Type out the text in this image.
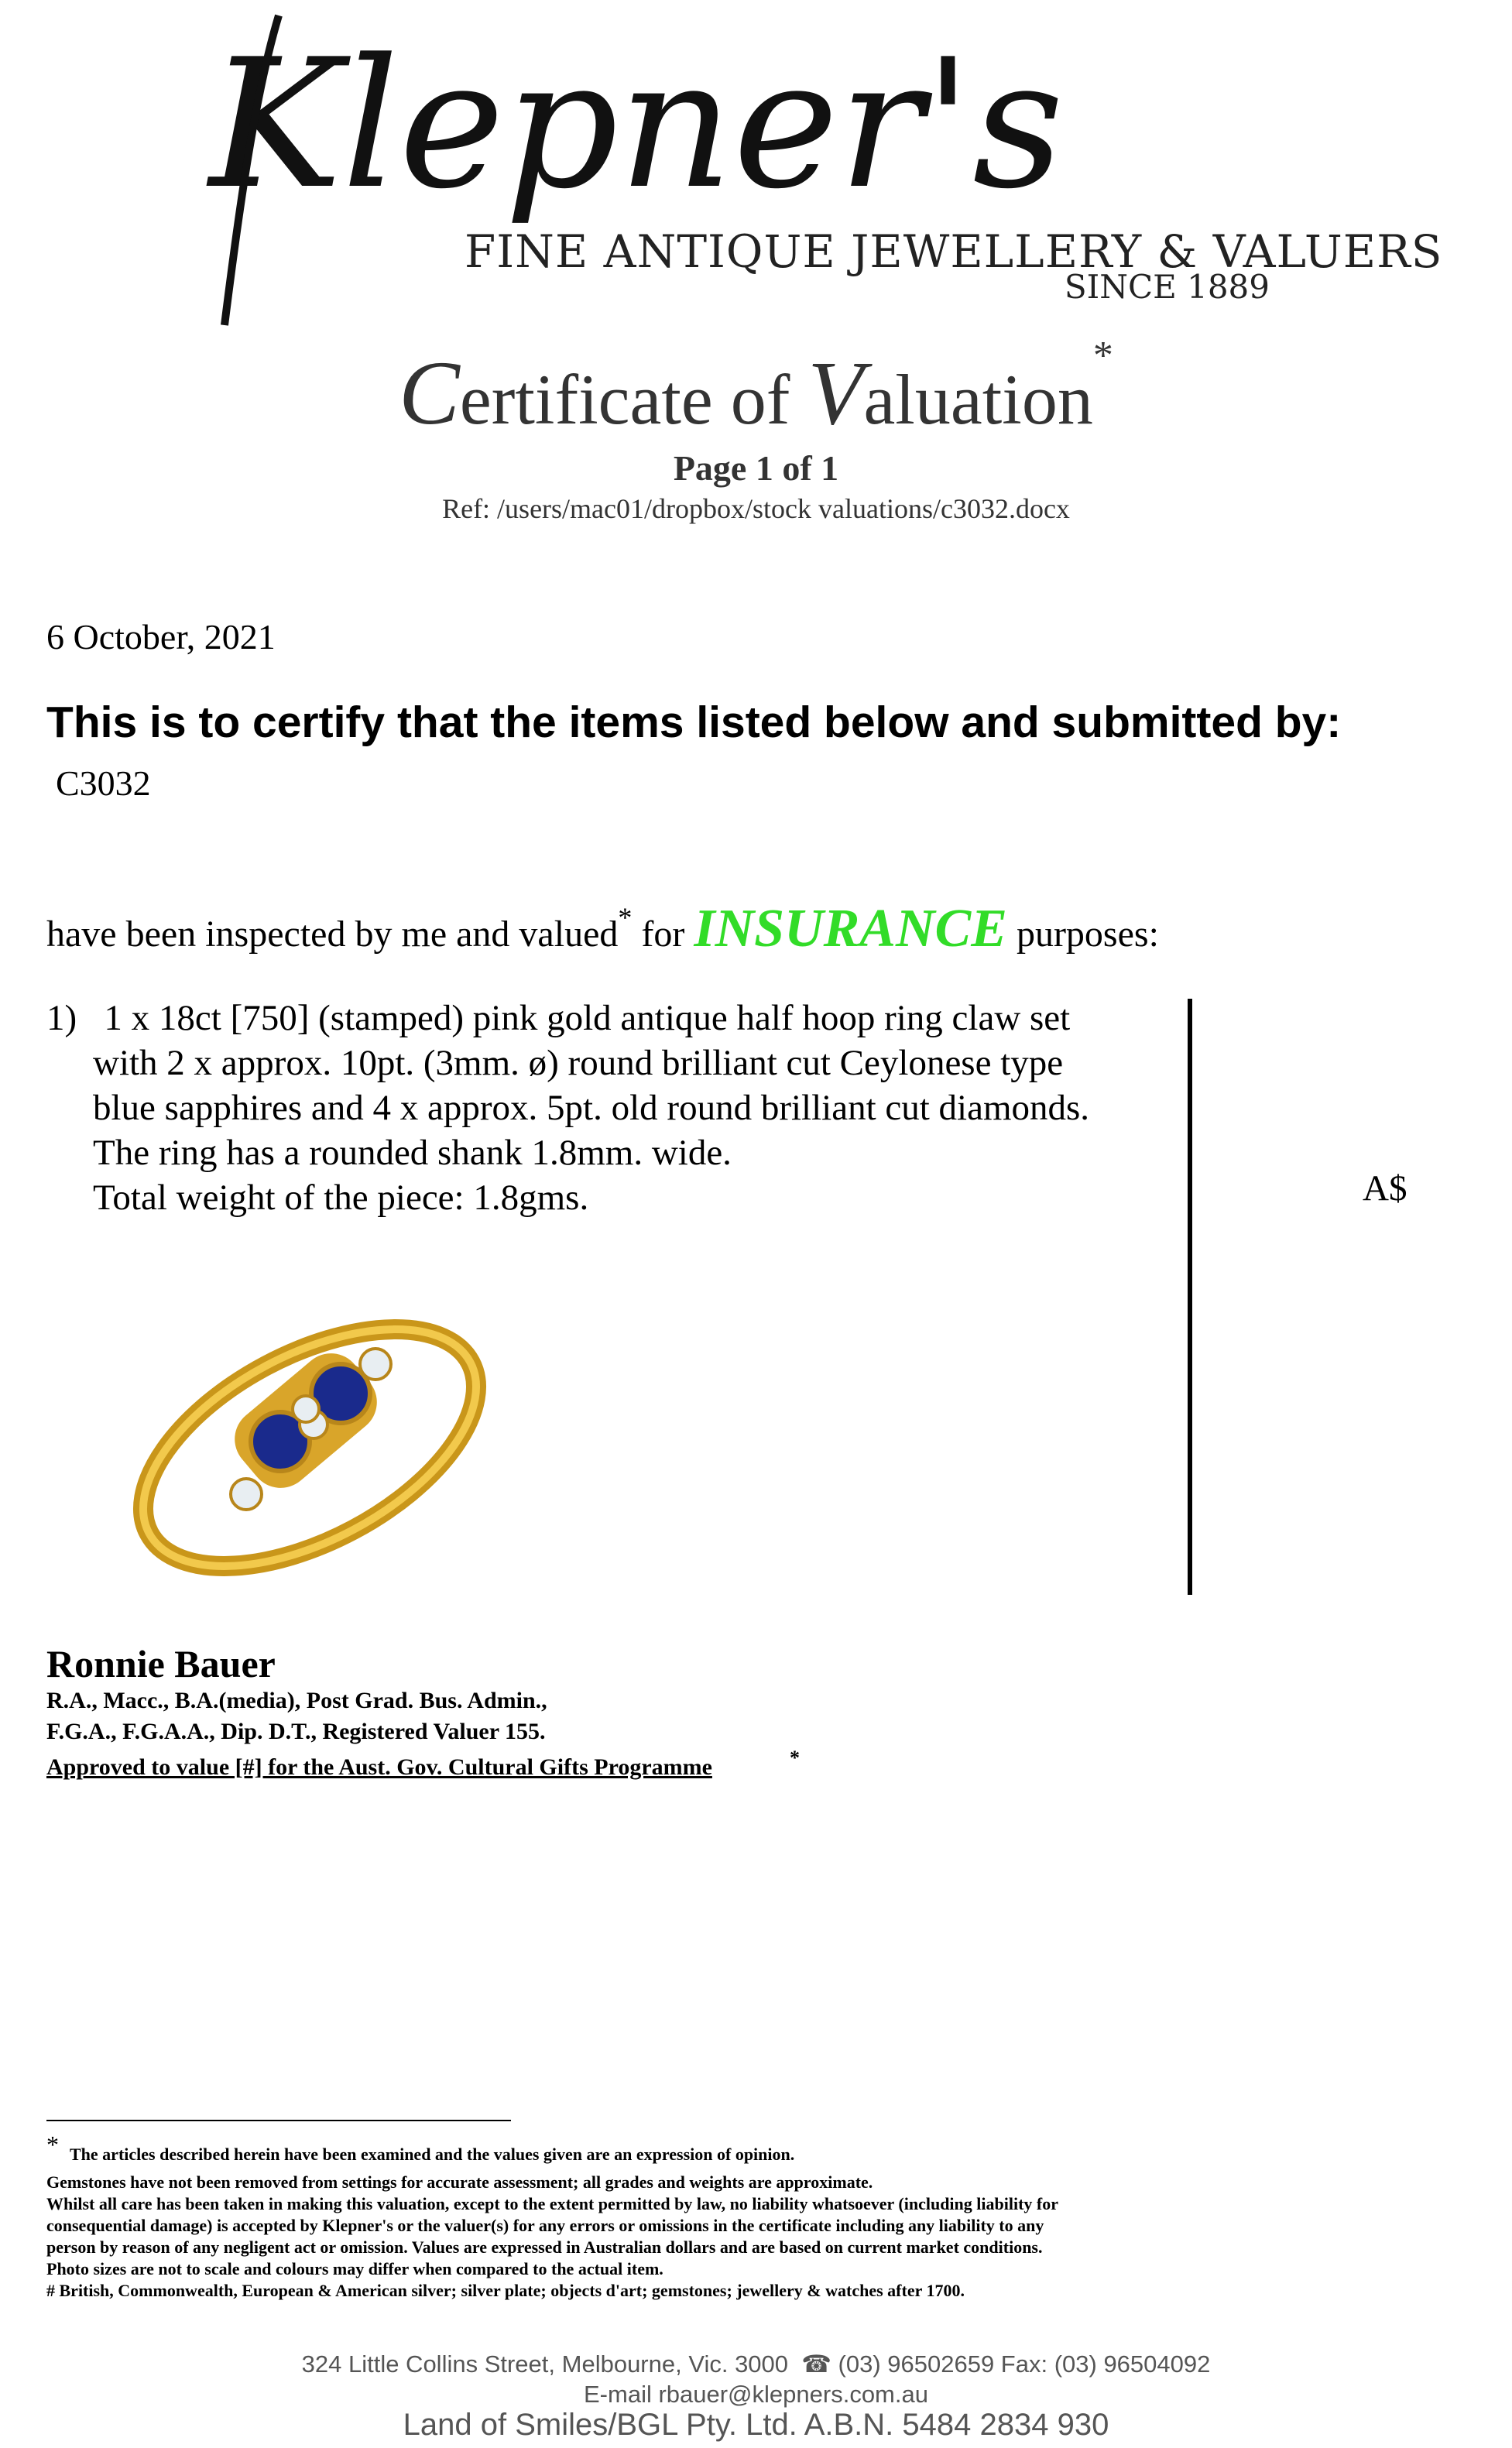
Klepner's
FINE ANTIQUE JEWELLERY & VALUERS
SINCE 1889
Certificate of Valuation*
Page 1 of 1
Ref: /users/mac01/dropbox/stock valuations/c3032.docx
6 October, 2021
This is to certify that the items listed below and submitted by:
C3032
have been inspected by me and valued* for INSURANCE purposes:
1) 1 x 18ct [750] (stamped) pink gold antique half hoop ring claw set
with 2 x approx. 10pt. (3mm. ø) round brilliant cut Ceylonese type
blue sapphires and 4 x approx. 5pt. old round brilliant cut diamonds.
The ring has a rounded shank 1.8mm. wide.
Total weight of the piece: 1.8gms.	A$
Ronnie Bauer
R.A., Macc., B.A.(media), Post Grad. Bus. Admin.,
F.G.A., F.G.A.A., Dip. D.T., Registered Valuer 155.
Approved to value [#] for the Aust. Gov. Cultural Gifts Programme	*
* The articles described herein have been examined and the values given are an expression of opinion.
Gemstones have not been removed from settings for accurate assessment; all grades and weights are approximate.
Whilst all care has been taken in making this valuation, except to the extent permitted by law, no liability whatsoever (including liability for
consequential damage) is accepted by Klepner's or the valuer(s) for any errors or omissions in the certificate including any liability to any
person by reason of any negligent act or omission. Values are expressed in Australian dollars and are based on current market conditions.
Photo sizes are not to scale and colours may differ when compared to the actual item.
# British, Commonwealth, European & American silver; silver plate; objects d'art; gemstones; jewellery & watches after 1700.
324 Little Collins Street, Melbourne, Vic. 3000 ☎ (03) 96502659 Fax: (03) 96504092
E-mail rbauer@klepners.com.au
Land of Smiles/BGL Pty. Ltd. A.B.N. 5484 2834 930
